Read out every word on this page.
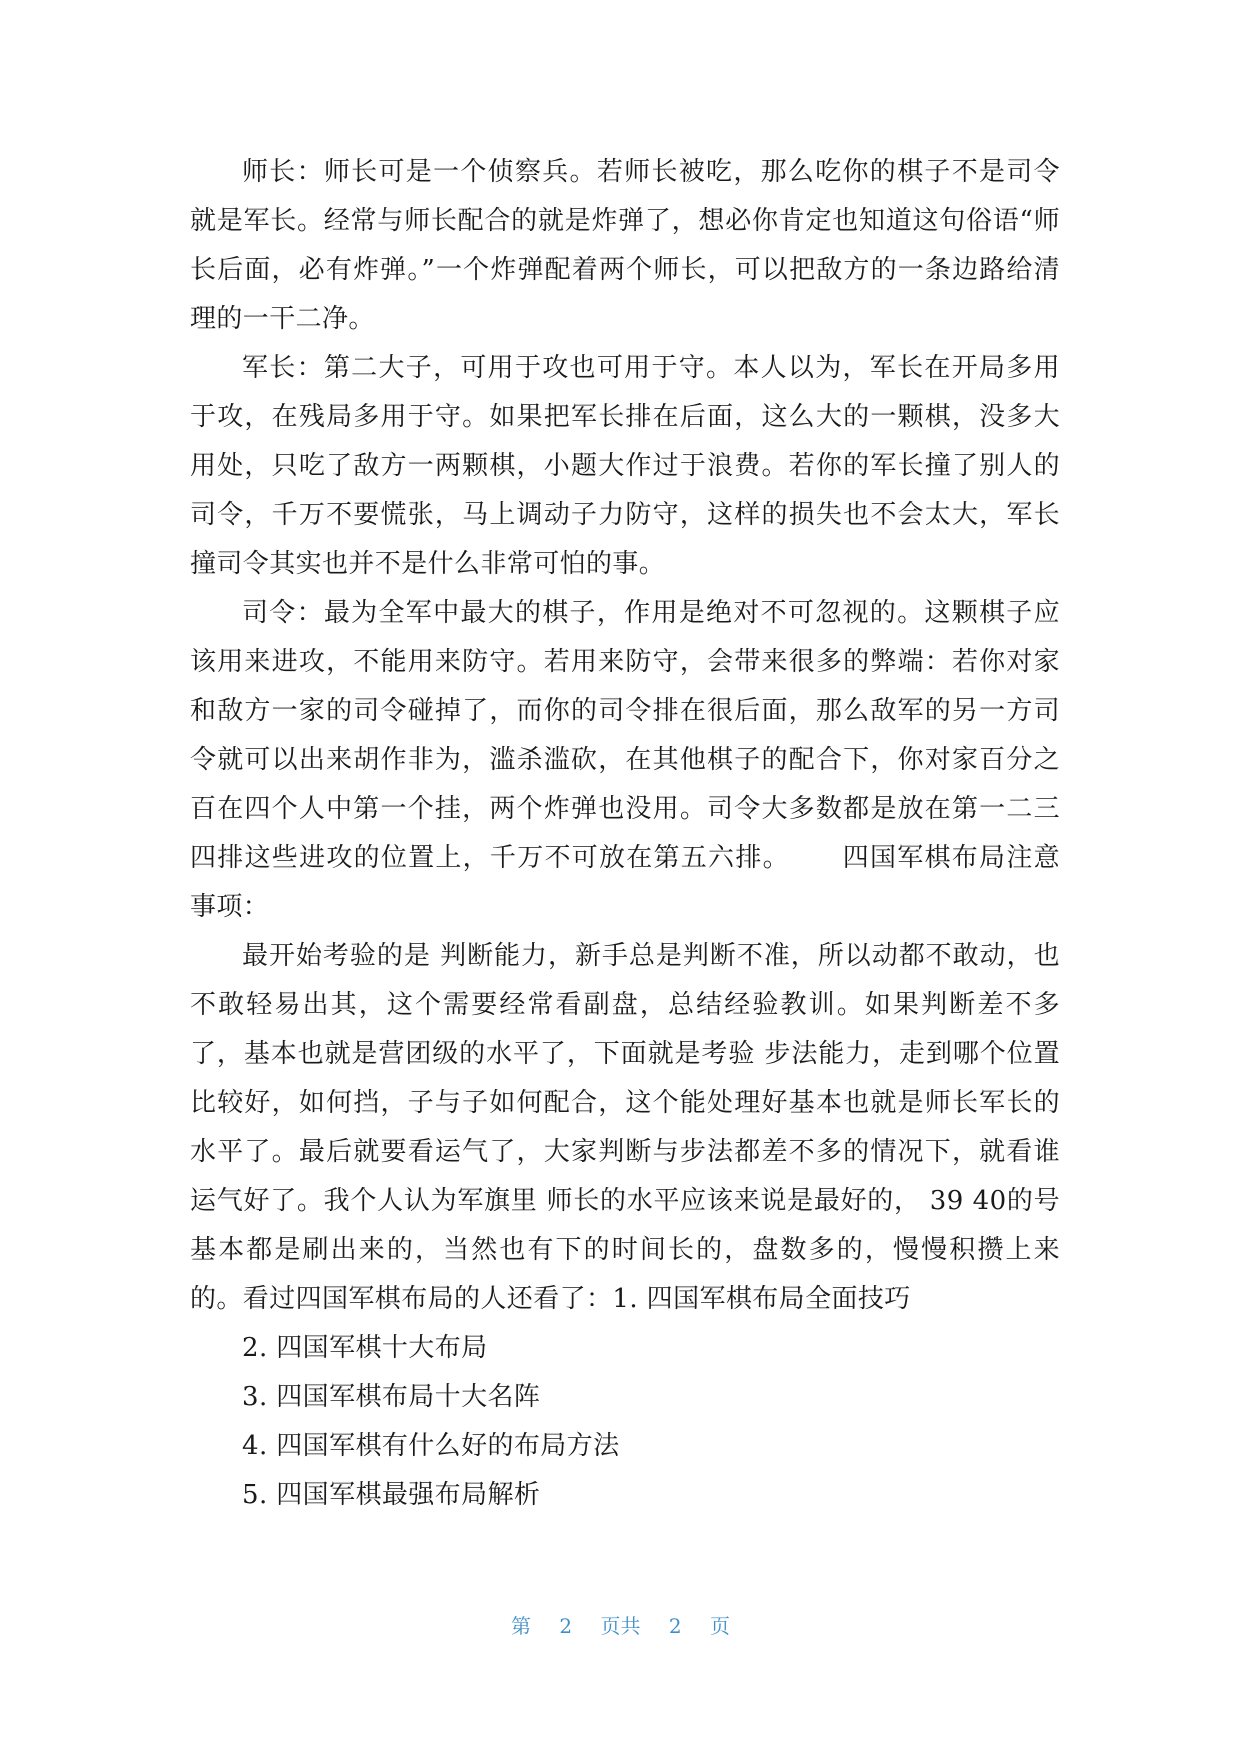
师长：师长可是一个侦察兵。若师长被吃，那么吃你的棋子不是司令就是军长。经常与师长配合的就是炸弹了，想必你肯定也知道这句俗语“师长后面，必有炸弹。”一个炸弹配着两个师长，可以把敌方的一条边路给清理的一干二净。

军长：第二大子，可用于攻也可用于守。本人以为，军长在开局多用于攻，在残局多用于守。如果把军长排在后面，这么大的一颗棋，没多大用处，只吃了敌方一两颗棋，小题大作过于浪费。若你的军长撞了别人的司令，千万不要慌张，马上调动子力防守，这样的损失也不会太大，军长撞司令其实也并不是什么非常可怕的事。

司令：最为全军中最大的棋子，作用是绝对不可忽视的。这颗棋子应该用来进攻，不能用来防守。若用来防守，会带来很多的弊端：若你对家和敌方一家的司令碰掉了，而你的司令排在很后面，那么敌军的另一方司令就可以出来胡作非为，滥杀滥砍，在其他棋子的配合下，你对家百分之百在四个人中第一个挂，两个炸弹也没用。司令大多数都是放在第一二三四排这些进攻的位置上，千万不可放在第五六排。 四国军棋布局注意事项：

最开始考验的是 判断能力，新手总是判断不准，所以动都不敢动，也不敢轻易出其，这个需要经常看副盘，总结经验教训。如果判断差不多了，基本也就是营团级的水平了，下面就是考验 步法能力，走到哪个位置比较好，如何挡，子与子如何配合，这个能处理好基本也就是师长军长的水平了。最后就要看运气了，大家判断与步法都差不多的情况下，就看谁运气好了。我个人认为军旗里 师长的水平应该来说是最好的， 39 40的号基本都是刷出来的，当然也有下的时间长的，盘数多的，慢慢积攒上来的。看过四国军棋布局的人还看了：1. 四国军棋布局全面技巧

2. 四国军棋十大布局
3. 四国军棋布局十大名阵
4. 四国军棋有什么好的布局方法
5. 四国军棋最强布局解析
第 2 页共 2 页
